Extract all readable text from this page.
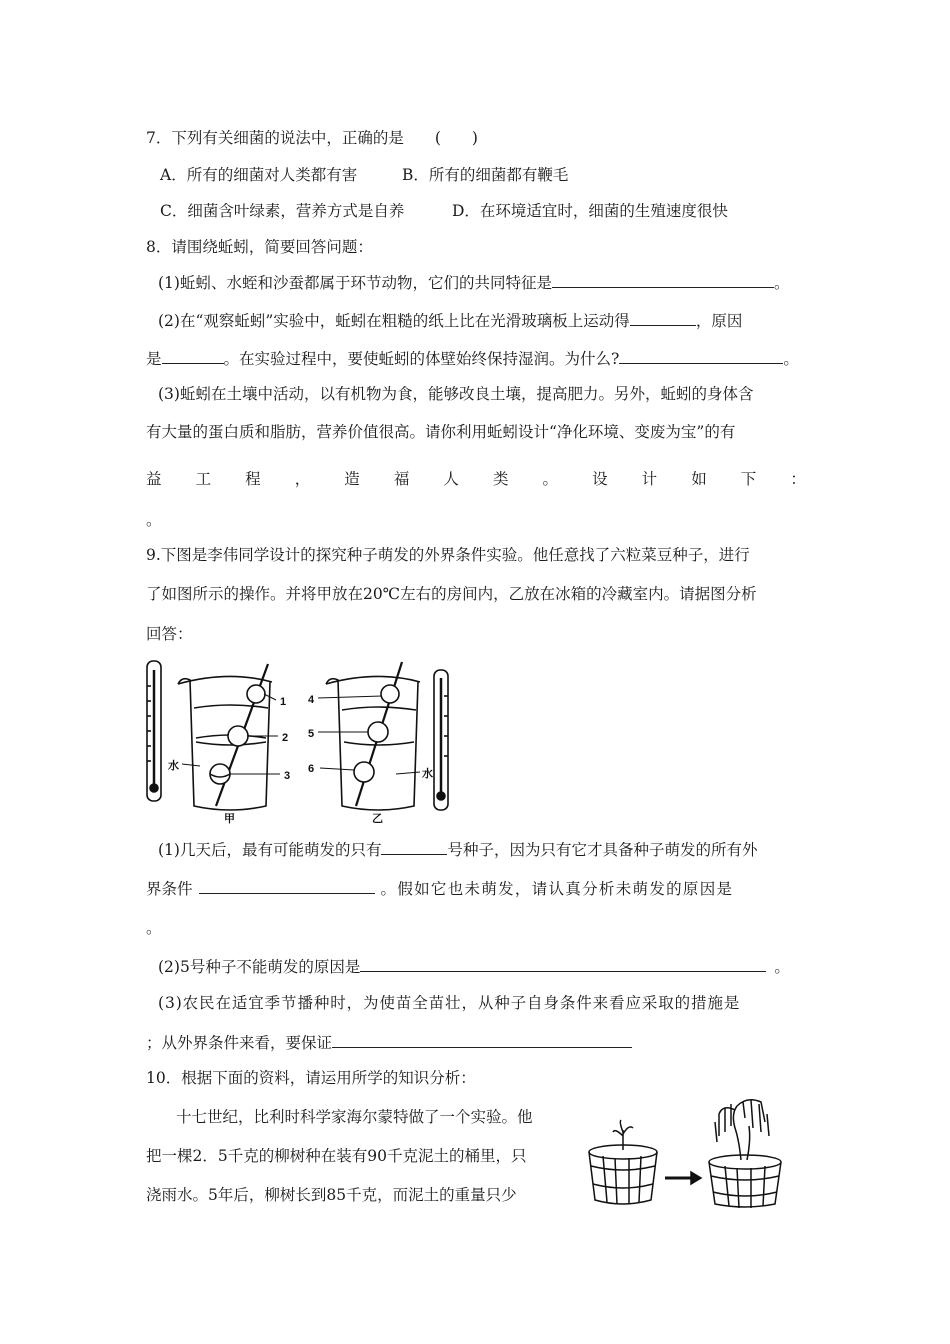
7．下列有关细菌的说法中，正确的是　　(　　)
A．所有的细菌对人类都有害	B．所有的细菌都有鞭毛
C．细菌含叶绿素，营养方式是自养	D．在环境适宜时，细菌的生殖速度很快
8．请围绕蚯蚓，简要回答问题：
(1)蚯蚓、水蛭和沙蚕都属于环节动物，它们的共同特征是	。
(2)在“观察蚯蚓”实验中，蚯蚓在粗糙的纸上比在光滑玻璃板上运动得	，原因
是	。在实验过程中，要使蚯蚓的体壁始终保持湿润。为什么?	。
(3)蚯蚓在土壤中活动，以有机物为食，能够改良土壤，提高肥力。另外，蚯蚓的身体含
有大量的蛋白质和脂肪，营养价值很高。请你利用蚯蚓设计“净化环境、变废为宝”的有
益 工 程 ， 造 福 人 类 。 设 计 如 下 ：
。
9.下图是李伟同学设计的探究种子萌发的外界条件实验。他任意找了六粒菜豆种子，进行
了如图所示的操作。并将甲放在20℃左右的房间内，乙放在冰箱的冷藏室内。请据图分析
回答：
1
2
3
4
5
6
水
水
甲	乙
(1)几天后，最有可能萌发的只有	号种子，因为只有它才具备种子萌发的所有外
界条件	。假如它也未萌发，请认真分析未萌发的原因是
。
(2)5号种子不能萌发的原因是	。
(3)农民在适宜季节播种时，为使苗全苗壮，从种子自身条件来看应采取的措施是
；从外界条件来看，要保证
10．根据下面的资料，请运用所学的知识分析：
十七世纪，比利时科学家海尔蒙特做了一个实验。他
把一棵2．5千克的柳树种在装有90千克泥土的桶里，只
浇雨水。5年后，柳树长到85千克，而泥土的重量只少
